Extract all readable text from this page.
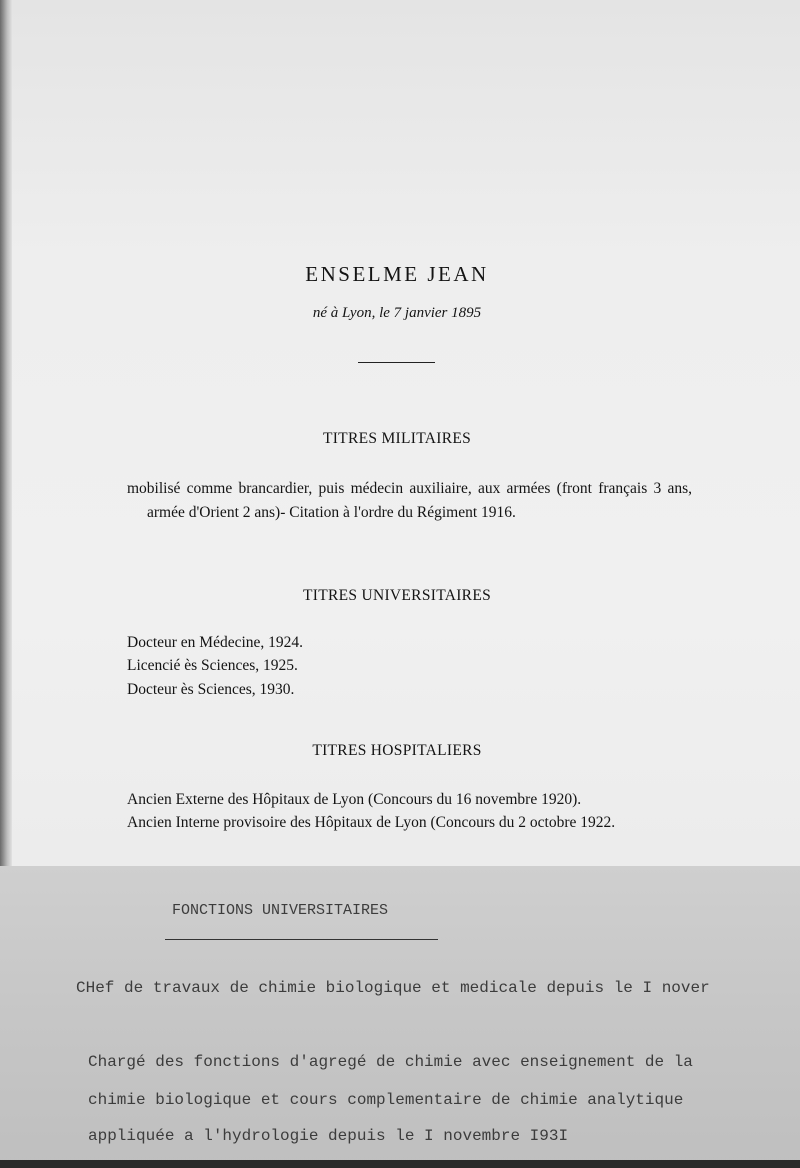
ENSELME JEAN
né à Lyon, le 7 janvier 1895
TITRES MILITAIRES
mobilisé comme brancardier, puis médecin auxiliaire, aux armées (front français 3 ans, armée d'Orient 2 ans)- Citation à l'ordre du Régiment 1916.
TITRES UNIVERSITAIRES
Docteur en Médecine, 1924.
Licencié ès Sciences, 1925.
Docteur ès Sciences, 1930.
TITRES HOSPITALIERS
Ancien Externe des Hôpitaux de Lyon (Concours du 16 novembre 1920).
Ancien Interne provisoire des Hôpitaux de Lyon (Concours du 2 octobre 1922.
FONCTIONS UNIVERSITAIRES
CHef de travaux de chimie biologique et medicale depuis le I nover
Chargé des fonctions d'agregé de chimie avec enseignement de la
chimie biologique et cours complementaire de chimie analytique
appliquée a l'hydrologie depuis le I novembre I93I
